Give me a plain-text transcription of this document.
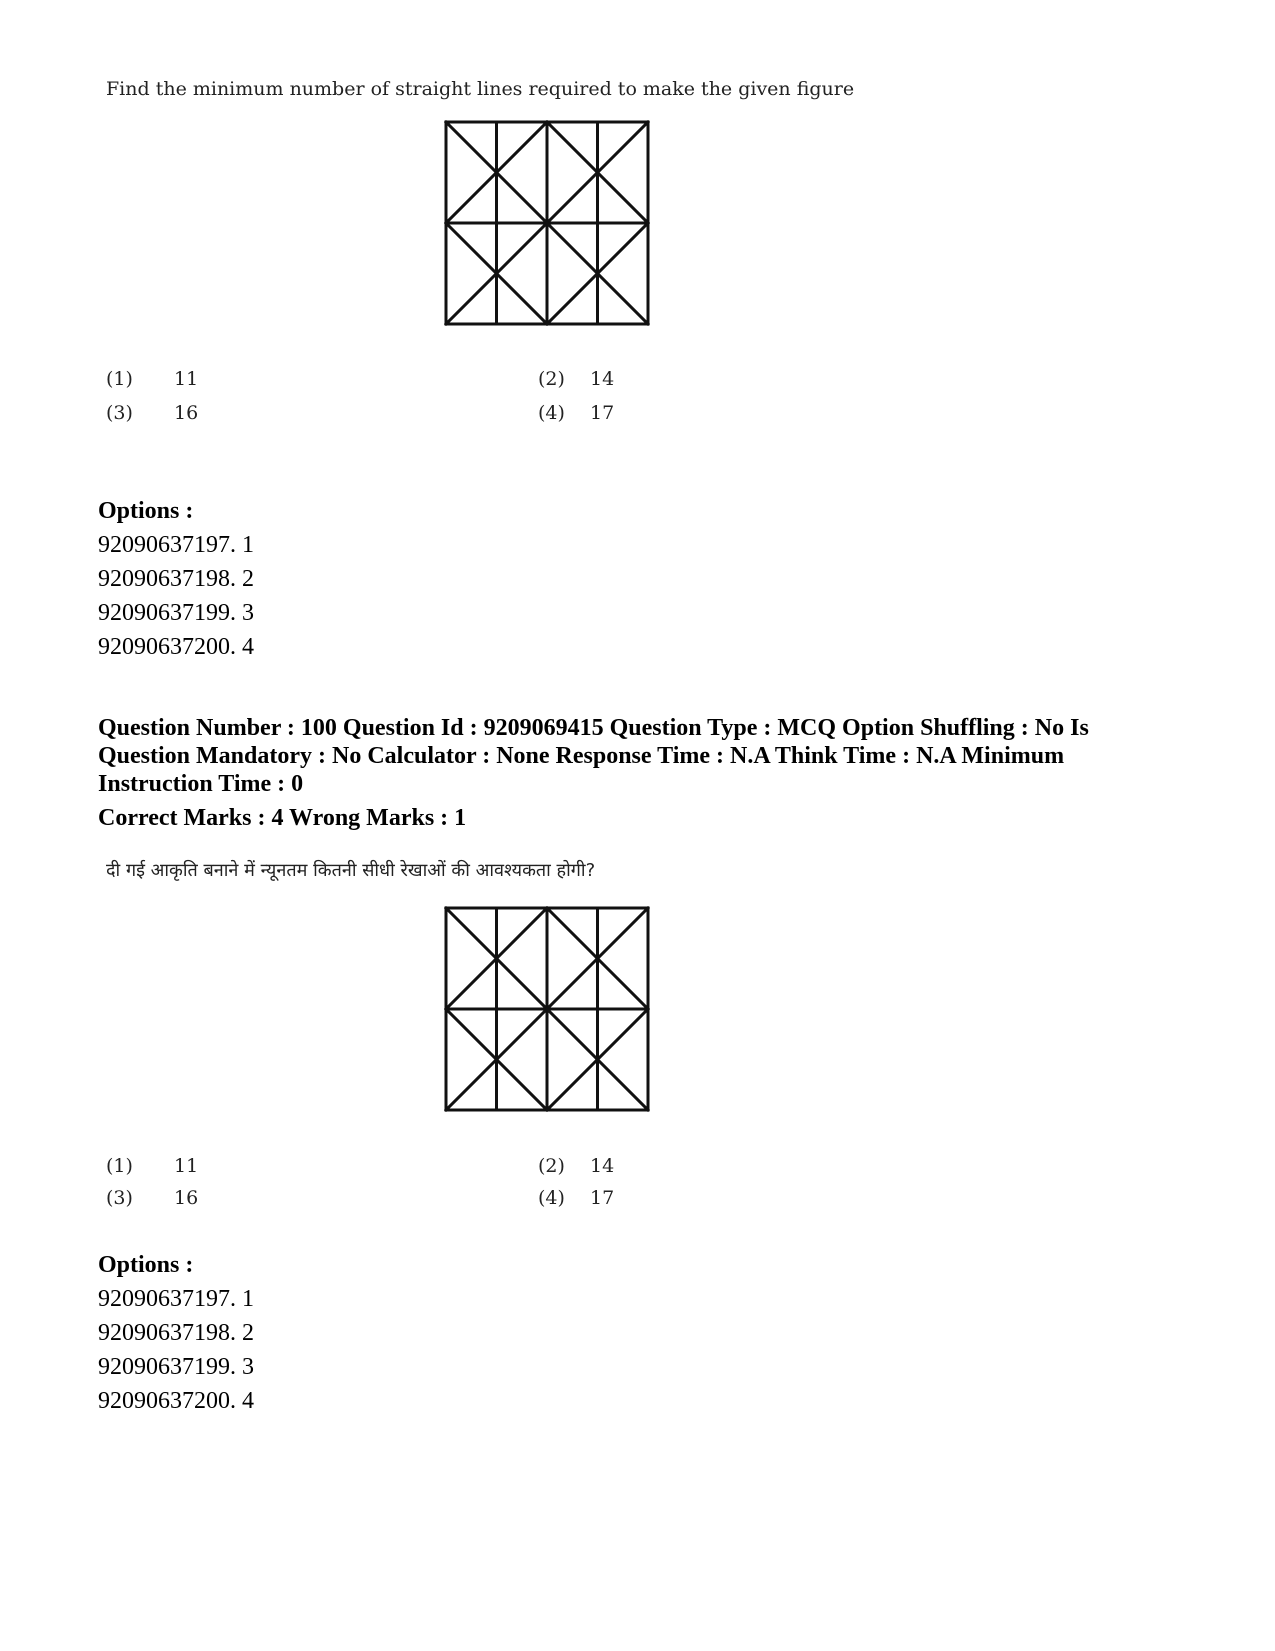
Find the minimum number of straight lines required to make the given figure
(1) 11	(2) 14
(3) 16	(4) 17
Options :
92090637197. 1
92090637198. 2
92090637199. 3
92090637200. 4
Question Number : 100 Question Id : 9209069415 Question Type : MCQ Option Shuffling : No Is
Question Mandatory : No Calculator : None Response Time : N.A Think Time : N.A Minimum
Instruction Time : 0
Correct Marks : 4 Wrong Marks : 1
दी गई आकृति बनाने में न्यूनतम कितनी सीधी रेखाओं की आवश्यकता होगी?
(1) 11	(2) 14
(3) 16	(4) 17
Options :
92090637197. 1
92090637198. 2
92090637199. 3
92090637200. 4
